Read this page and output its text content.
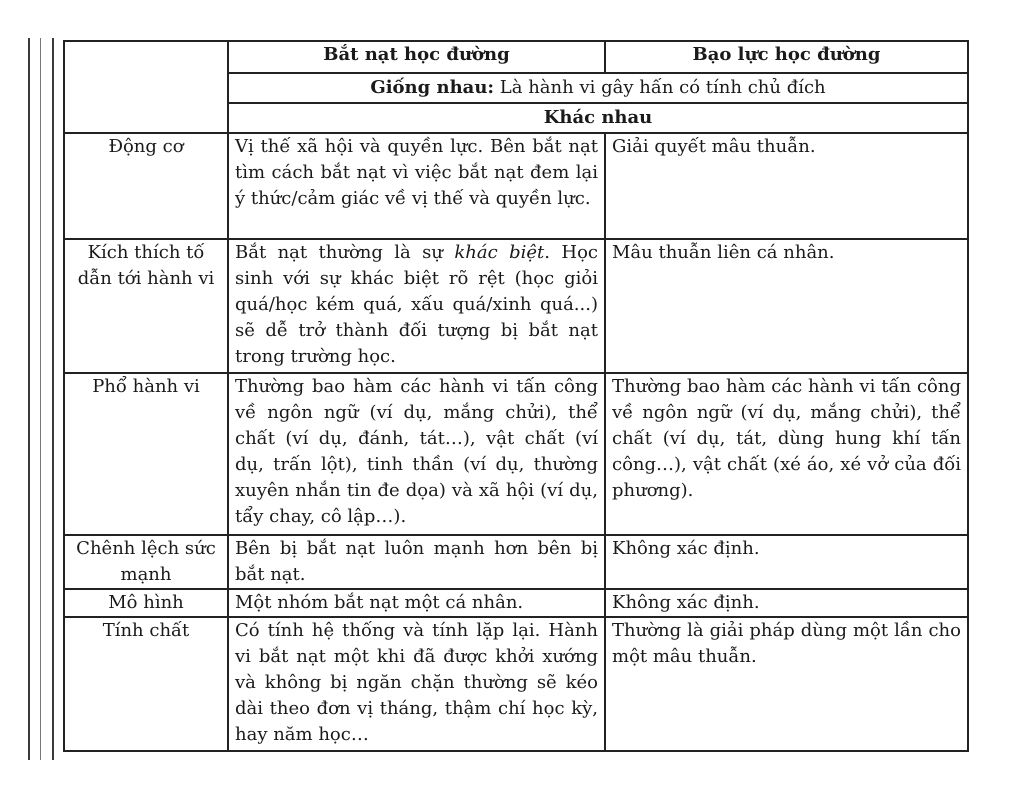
	Bắt nạt học đường	Bạo lực học đường
	Giống nhau: Là hành vi gây hấn có tính chủ đích	
	Khác nhau	
Động cơ	Vị thế xã hội và quyền lực. Bên bắt nạt tìm cách bắt nạt vì việc bắt nạt đem lại ý thức/cảm giác về vị thế và quyền lực.	Giải quyết mâu thuẫn.
Kích thích tố dẫn tới hành vi	Bắt nạt thường là sự khác biệt. Học sinh với sự khác biệt rõ rệt (học giỏi quá/học kém quá, xấu quá/xinh quá...) sẽ dễ trở thành đối tượng bị bắt nạt trong trường học.	Mâu thuẫn liên cá nhân.
Phổ hành vi	Thường bao hàm các hành vi tấn công về ngôn ngữ (ví dụ, mắng chửi), thể chất (ví dụ, đánh, tát…), vật chất (ví dụ, trấn lột), tinh thần (ví dụ, thường xuyên nhắn tin đe dọa) và xã hội (ví dụ, tẩy chay, cô lập…).	Thường bao hàm các hành vi tấn công về ngôn ngữ (ví dụ, mắng chửi), thể chất (ví dụ, tát, dùng hung khí tấn công…), vật chất (xé áo, xé vở của đối phương).
Chênh lệch sức mạnh	Bên bị bắt nạt luôn mạnh hơn bên bị bắt nạt.	Không xác định.
Mô hình	Một nhóm bắt nạt một cá nhân.	Không xác định.
Tính chất	Có tính hệ thống và tính lặp lại. Hành vi bắt nạt một khi đã được khởi xướng và không bị ngăn chặn thường sẽ kéo dài theo đơn vị tháng, thậm chí học kỳ, hay năm học…	Thường là giải pháp dùng một lần cho một mâu thuẫn.
